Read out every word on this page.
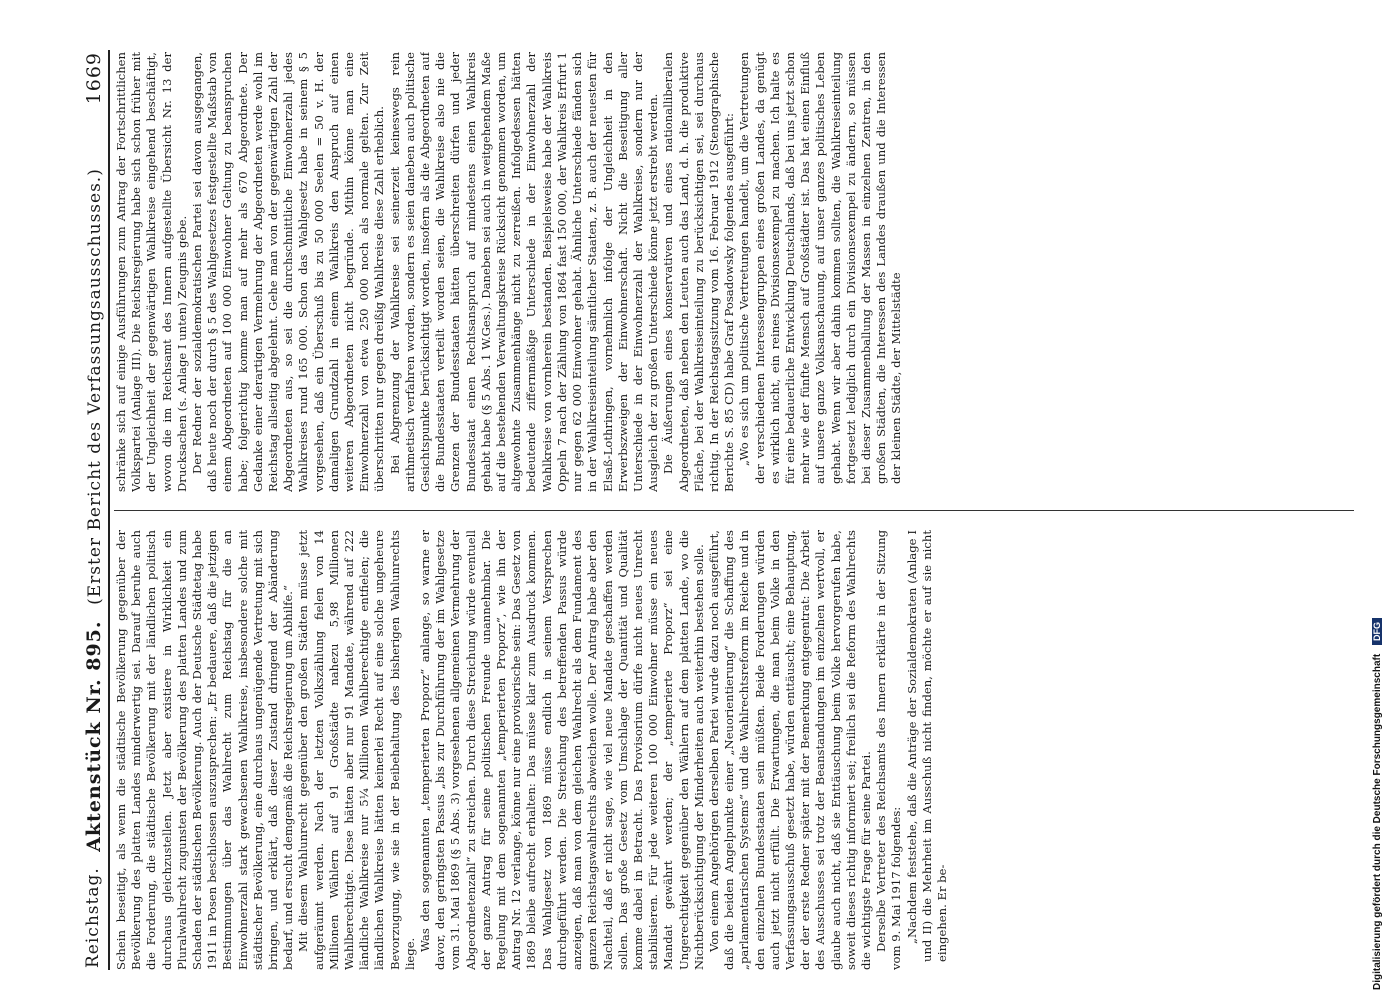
Reichstag.
Aktenstück Nr. 895. (Erster Bericht des Verfassungsausschusses.)
1669

Schein beseitigt, als wenn die städtische Bevölkerung gegenüber der Bevölkerung des platten Landes minderwertig sei. Darauf beruhe auch die Forderung, die städtische Bevölkerung mit der ländlichen politisch durchaus gleichzustellen. Jetzt aber existiere in Wirklichkeit ein Pluralwahlrecht zugunsten der Bevölkerung des platten Landes und zum Schaden der städtischen Bevölkerung. Auch der Deutsche Städtetag habe 1911 in Posen beschlossen auszusprechen: „Er bedauere, daß die jetzigen Bestimmungen über das Wahlrecht zum Reichstag für die an Einwohnerzahl stark gewachsenen Wahlkreise, insbesondere solche mit städtischer Bevölkerung, eine durchaus ungenügende Vertretung mit sich bringen, und erklärt, daß dieser Zustand dringend der Abänderung bedarf, und ersucht demgemäß die Reichsregierung um Abhilfe.“ Mit diesem Wahlunrecht gegenüber den großen Städten müsse jetzt aufgeräumt werden. Nach der letzten Volkszählung fielen von 14 Millionen Wählern auf 91 Großstädte nahezu 5,98 Millionen Wahlberechtigte. Diese hätten aber nur 91 Mandate, während auf 222 ländliche Wahlkreise nur 5¼ Millionen Wahlberechtigte entfielen; die ländlichen Wahlkreise hätten keinerlei Recht auf eine solche ungeheure Bevorzugung, wie sie in der Beibehaltung des bisherigen Wahlunrechts liege.

Was den sogenannten „temperierten Proporz“ anlange, so warne er davor, den geringsten Passus „bis zur Durchführung der im Wahlgesetze vom 31. Mai 1869 (§ 5 Abs. 3) vorgesehenen allgemeinen Vermehrung der Abgeordnetenzahl“ zu streichen. Durch diese Streichung würde eventuell der ganze Antrag für seine politischen Freunde unannehmbar. Die Regelung mit dem sogenannten „temperierten Proporz“, wie ihn der Antrag Nr. 12 verlange, könne nur eine provisorische sein: Das Gesetz von 1869 bleibe aufrecht erhalten: Das müsse klar zum Ausdruck kommen. Das Wahlgesetz von 1869 müsse endlich in seinem Versprechen durchgeführt werden. Die Streichung des betreffenden Passus würde anzeigen, daß man von dem gleichen Wahlrecht als dem Fundament des ganzen Reichstagswahlrechts abweichen wolle. Der Antrag habe aber den Nachteil, daß er nicht sage, wie viel neue Mandate geschaffen werden sollen. Das große Gesetz vom Umschlage der Quantität und Qualität komme dabei in Betracht. Das Provisorium dürfe nicht neues Unrecht stabilisieren. Für jede weiteren 100 000 Einwohner müsse ein neues Mandat gewährt werden; der „temperierte Proporz“ sei eine Ungerechtigkeit gegenüber den Wählern auf dem platten Lande, wo die Nichtberücksichtigung der Minderheiten auch weiterhin bestehen solle. Von einem Angehörigen derselben Partei wurde dazu noch ausgeführt, daß die beiden Angelpunkte einer „Neuorientierung“ die Schaffung des „parlamentarischen Systems“ und die Wahlrechtsreform im Reiche und in den einzelnen Bundesstaaten sein müßten. Beide Forderungen würden auch jetzt nicht erfüllt. Die Erwartungen, die man beim Volke in den Verfassungsausschuß gesetzt habe, würden enttäuscht; eine Behauptung, der der erste Redner später mit der Bemerkung entgegentrat: Die Arbeit des Ausschusses sei trotz der Beanstandungen im einzelnen wertvoll, er glaube auch nicht, daß sie Enttäuschung beim Volke hervorgerufen habe, soweit dieses richtig informiert sei; freilich sei die Reform des Wahlrechts die wichtigste Frage für seine Partei. Derselbe Vertreter des Reichsamts des Innern erklärte in der Sitzung vom 9. Mai 1917 folgendes: „Nachdem feststehe, daß die Anträge der Sozialdemokraten (Anlage I und II) die Mehrheit im Ausschuß nicht finden, möchte er auf sie nicht eingehen. Er be-

schränke sich auf einige Ausführungen zum Antrag der Fortschrittlichen Volkspartei (Anlage III). Die Reichsregierung habe sich schon früher mit der Ungleichheit der gegenwärtigen Wahlkreise eingehend beschäftigt, wovon die im Reichsamt des Innern aufgestellte Übersicht Nr. 13 der Drucksachen (s. Anlage I unten) Zeugnis gebe. Der Redner der sozialdemokratischen Partei sei davon ausgegangen, daß heute noch der durch § 5 des Wahlgesetzes festgestellte Maßstab von einem Abgeordneten auf 100 000 Einwohner Geltung zu beanspruchen habe; folgerichtig komme man auf mehr als 670 Abgeordnete. Der Gedanke einer derartigen Vermehrung der Abgeordneten werde wohl im Reichstag allseitig abgelehnt. Gehe man von der gegenwärtigen Zahl der Abgeordneten aus, so sei die durchschnittliche Einwohnerzahl jedes Wahlkreises rund 165 000. Schon das Wahlgesetz habe in seinem § 5 vorgesehen, daß ein Überschuß bis zu 50 000 Seelen = 50 v. H. der damaligen Grundzahl in einem Wahlkreis den Anspruch auf einen weiteren Abgeordneten nicht begründe. Mithin könne man eine Einwohnerzahl von etwa 250 000 noch als normale gelten. Zur Zeit überschritten nur gegen dreißig Wahlkreise diese Zahl erheblich. Bei Abgrenzung der Wahlkreise sei seinerzeit keineswegs rein arithmetisch verfahren worden, sondern es seien daneben auch politische Gesichtspunkte berücksichtigt worden, insofern als die Abgeordneten auf die Bundesstaaten verteilt worden seien, die Wahlkreise also nie die Grenzen der Bundesstaaten hätten überschreiten dürfen und jeder Bundesstaat einen Rechtsanspruch auf mindestens einen Wahlkreis gehabt habe (§ 5 Abs. 1 W.Ges.). Daneben sei auch in weitgehendem Maße auf die bestehenden Verwaltungskreise Rücksicht genommen worden, um altgewohnte Zusammenhänge nicht zu zerreißen. Infolgedessen hätten bedeutende ziffernmäßige Unterschiede in der Einwohnerzahl der Wahlkreise von vornherein bestanden. Beispielsweise habe der Wahlkreis Oppeln 7 nach der Zählung von 1864 fast 150 000, der Wahlkreis Erfurt 1 nur gegen 62 000 Einwohner gehabt. Ähnliche Unterschiede fänden sich in der Wahlkreiseinteilung sämtlicher Staaten, z. B. auch der neuesten für Elsaß-Lothringen, vornehmlich infolge der Ungleichheit in den Erwerbszweigen der Einwohnerschaft. Nicht die Beseitigung aller Unterschiede in der Einwohnerzahl der Wahlkreise, sondern nur der Ausgleich der zu großen Unterschiede könne jetzt erstrebt werden. Die Äußerungen eines konservativen und eines nationalliberalen Abgeordneten, daß neben den Leuten auch das Land, d. h. die produktive Fläche, bei der Wahlkreiseinteilung zu berücksichtigen sei, sei durchaus richtig. In der Reichstagssitzung vom 16. Februar 1912 (Stenographische Berichte S. 85 CD) habe Graf Posadowsky folgendes ausgeführt: „Wo es sich um politische Vertretungen handelt, um die Vertretungen der verschiedenen Interessengruppen eines großen Landes, da genügt es wirklich nicht, ein reines Divisionsexempel zu machen. Ich halte es für eine bedauerliche Entwicklung Deutschlands, daß bei uns jetzt schon mehr wie der fünfte Mensch auf Großstädter ist. Das hat einen Einfluß auf unsere ganze Volksanschauung, auf unser ganzes politisches Leben gehabt. Wenn wir aber dahin kommen sollten, die Wahlkreiseinteilung fortgesetzt lediglich durch ein Divisionsexempel zu ändern, so müssen bei dieser Zusammenballung der Massen in einzelnen Zentren, in den großen Städten, die Interessen des Landes draußen und die Interessen der kleinen Städte, der Mittelstädte

Digitalisierung gefördert durch die Deutsche Forschungsgemeinschaft DFG
